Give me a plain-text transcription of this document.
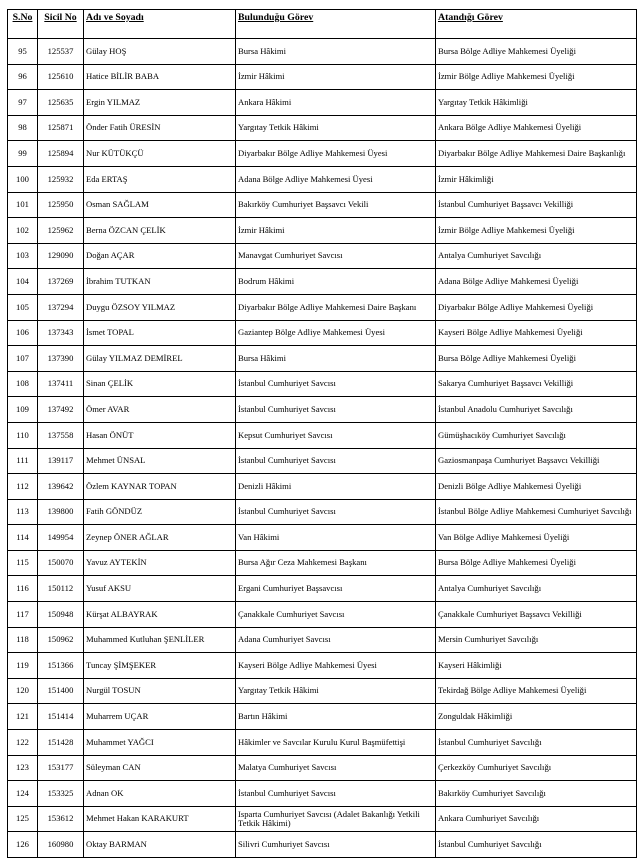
S.No	Sicil No	Adı ve Soyadı	Bulunduğu Görev	Atandığı Görev
95	125537	Gülay HOŞ	Bursa Hâkimi	Bursa Bölge Adliye Mahkemesi Üyeliği
96	125610	Hatice BİLİR BABA	İzmir Hâkimi	İzmir Bölge Adliye Mahkemesi Üyeliği
97	125635	Ergin YILMAZ	Ankara Hâkimi	Yargıtay Tetkik Hâkimliği
98	125871	Önder Fatih ÜRESİN	Yargıtay Tetkik Hâkimi	Ankara Bölge Adliye Mahkemesi Üyeliği
99	125894	Nur KÜTÜKÇÜ	Diyarbakır Bölge Adliye Mahkemesi Üyesi	Diyarbakır Bölge Adliye Mahkemesi Daire Başkanlığı
100	125932	Eda ERTAŞ	Adana Bölge Adliye Mahkemesi Üyesi	İzmir Hâkimliği
101	125950	Osman SAĞLAM	Bakırköy Cumhuriyet Başsavcı Vekili	İstanbul Cumhuriyet Başsavcı Vekilliği
102	125962	Berna ÖZCAN ÇELİK	İzmir Hâkimi	İzmir Bölge Adliye Mahkemesi Üyeliği
103	129090	Doğan AÇAR	Manavgat Cumhuriyet Savcısı	Antalya Cumhuriyet Savcılığı
104	137269	İbrahim TUTKAN	Bodrum Hâkimi	Adana Bölge Adliye Mahkemesi Üyeliği
105	137294	Duygu ÖZSOY YILMAZ	Diyarbakır Bölge Adliye Mahkemesi Daire Başkanı	Diyarbakır Bölge Adliye Mahkemesi Üyeliği
106	137343	İsmet TOPAL	Gaziantep Bölge Adliye Mahkemesi Üyesi	Kayseri Bölge Adliye Mahkemesi Üyeliği
107	137390	Gülay YILMAZ DEMİREL	Bursa Hâkimi	Bursa Bölge Adliye Mahkemesi Üyeliği
108	137411	Sinan ÇELİK	İstanbul Cumhuriyet Savcısı	Sakarya Cumhuriyet Başsavcı Vekilliği
109	137492	Ömer AVAR	İstanbul Cumhuriyet Savcısı	İstanbul Anadolu Cumhuriyet Savcılığı
110	137558	Hasan ÖNÜT	Kepsut Cumhuriyet Savcısı	Gümüşhacıköy Cumhuriyet Savcılığı
111	139117	Mehmet ÜNSAL	İstanbul Cumhuriyet Savcısı	Gaziosmanpaşa Cumhuriyet Başsavcı Vekilliği
112	139642	Özlem KAYNAR TOPAN	Denizli Hâkimi	Denizli Bölge Adliye Mahkemesi Üyeliği
113	139800	Fatih GÖNDÜZ	İstanbul Cumhuriyet Savcısı	İstanbul Bölge Adliye Mahkemesi Cumhuriyet Savcılığı
114	149954	Zeynep ÖNER AĞLAR	Van Hâkimi	Van Bölge Adliye Mahkemesi Üyeliği
115	150070	Yavuz AYTEKİN	Bursa Ağır Ceza Mahkemesi Başkanı	Bursa Bölge Adliye Mahkemesi Üyeliği
116	150112	Yusuf AKSU	Ergani Cumhuriyet Başsavcısı	Antalya Cumhuriyet Savcılığı
117	150948	Kürşat ALBAYRAK	Çanakkale Cumhuriyet Savcısı	Çanakkale Cumhuriyet Başsavcı Vekilliği
118	150962	Muhammed Kutluhan ŞENLİLER	Adana Cumhuriyet Savcısı	Mersin Cumhuriyet Savcılığı
119	151366	Tuncay ŞİMŞEKER	Kayseri Bölge Adliye Mahkemesi Üyesi	Kayseri Hâkimliği
120	151400	Nurgül TOSUN	Yargıtay Tetkik Hâkimi	Tekirdağ Bölge Adliye Mahkemesi Üyeliği
121	151414	Muharrem UÇAR	Bartın Hâkimi	Zonguldak Hâkimliği
122	151428	Muhammet YAĞCI	Hâkimler ve Savcılar Kurulu Kurul Başmüfettişi	İstanbul Cumhuriyet Savcılığı
123	153177	Süleyman CAN	Malatya Cumhuriyet Savcısı	Çerkezköy Cumhuriyet Savcılığı
124	153325	Adnan OK	İstanbul Cumhuriyet Savcısı	Bakırköy Cumhuriyet Savcılığı
125	153612	Mehmet Hakan KARAKURT	Isparta Cumhuriyet Savcısı (Adalet Bakanlığı Yetkili Tetkik Hâkimi)	Ankara Cumhuriyet Savcılığı
126	160980	Oktay BARMAN	Silivri Cumhuriyet Savcısı	İstanbul Cumhuriyet Savcılığı
